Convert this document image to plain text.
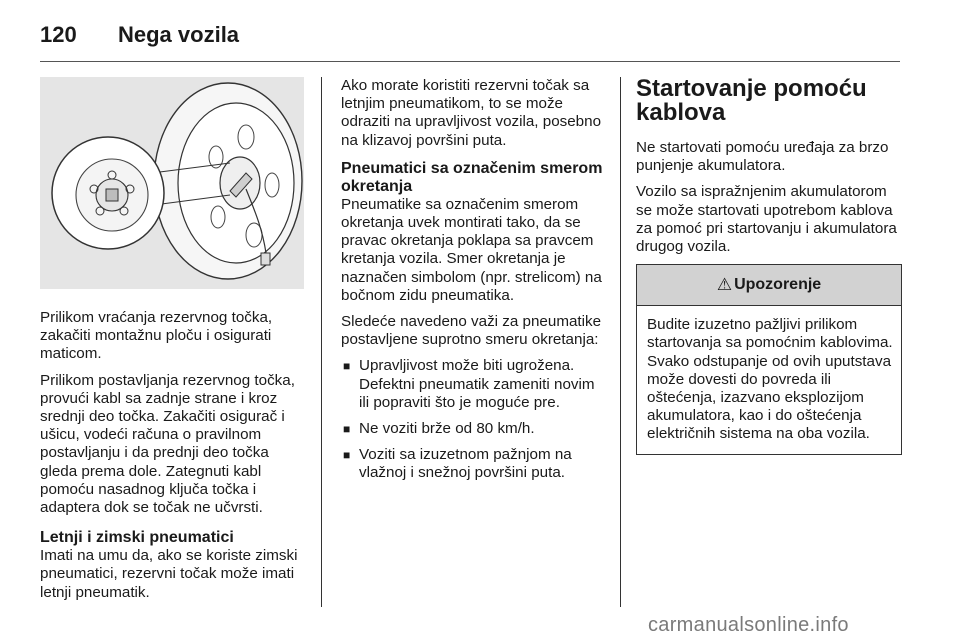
120 Nega vozila

Prilikom vraćanja rezervnog točka, zakačiti montažnu ploču i osigurati maticom.

Prilikom postavljanja rezervnog točka, provući kabl sa zadnje strane i kroz srednji deo točka. Zakačiti osigurač i ušicu, vodeći računa o pravilnom postavljanju i da prednji deo točka gleda prema dole. Zategnuti kabl pomoću nasadnog ključa točka i adaptera dok se točak ne učvrsti.

Letnji i zimski pneumatici

Imati na umu da, ako se koriste zimski pneumatici, rezervni točak može imati letnji pneumatik.

Ako morate koristiti rezervni točak sa letnjim pneumatikom, to se može odraziti na upravljivost vozila, posebno na klizavoj površini puta.

Pneumatici sa označenim smerom okretanja

Pneumatike sa označenim smerom okretanja uvek montirati tako, da se pravac okretanja poklapa sa pravcem kretanja vozila. Smer okretanja je naznačen simbolom (npr. strelicom) na bočnom zidu pneumatika.

Sledeće navedeno važi za pneumatike postavljene suprotno smeru okretanja:

■ Upravljivost može biti ugrožena. Defektni pneumatik zameniti novim ili popraviti što je moguće pre.
■ Ne voziti brže od 80 km/h.
■ Voziti sa izuzetnom pažnjom na vlažnoj i snežnoj površini puta.
Startovanje pomoću kablova

Ne startovati pomoću uređaja za brzo punjenje akumulatora.

Vozilo sa ispražnjenim akumulatorom se može startovati upotrebom kablova za pomoć pri startovanju i akumulatora drugog vozila.

⚠ Upozorenje
Budite izuzetno pažljivi prilikom startovanja sa pomoćnim kablovima. Svako odstupanje od ovih uputstava može dovesti do povreda ili oštećenja, izazvano eksplozijom akumulatora, kao i do oštećenja električnih sistema na oba vozila.
carmanualsonline.info
